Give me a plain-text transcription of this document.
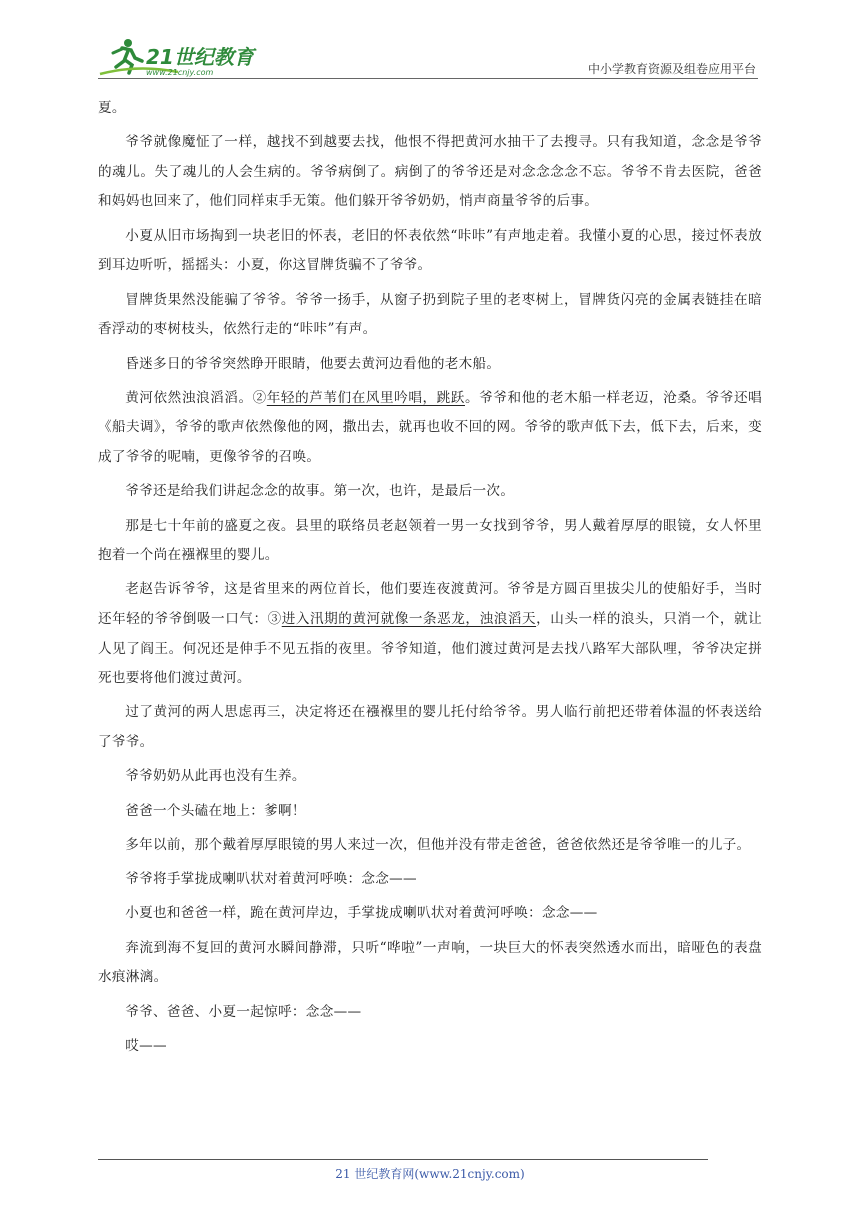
21世纪教育
www.21cnjy.com	中小学教育资源及组卷应用平台

夏。

爷爷就像魔怔了一样，越找不到越要去找，他恨不得把黄河水抽干了去搜寻。只有我知道，念念是爷爷的魂儿。失了魂儿的人会生病的。爷爷病倒了。病倒了的爷爷还是对念念念念不忘。爷爷不肯去医院，爸爸和妈妈也回来了，他们同样束手无策。他们躲开爷爷奶奶，悄声商量爷爷的后事。

小夏从旧市场掏到一块老旧的怀表，老旧的怀表依然“咔咔”有声地走着。我懂小夏的心思，接过怀表放到耳边听听，摇摇头：小夏，你这冒牌货骗不了爷爷。

冒牌货果然没能骗了爷爷。爷爷一扬手，从窗子扔到院子里的老枣树上，冒牌货闪亮的金属表链挂在暗香浮动的枣树枝头，依然行走的“咔咔”有声。

昏迷多日的爷爷突然睁开眼睛，他要去黄河边看他的老木船。

黄河依然浊浪滔滔。②年轻的芦苇们在风里吟唱，跳跃。爷爷和他的老木船一样老迈，沧桑。爷爷还唱《船夫调》，爷爷的歌声依然像他的网，撒出去，就再也收不回的网。爷爷的歌声低下去，低下去，后来，变成了爷爷的呢喃，更像爷爷的召唤。

爷爷还是给我们讲起念念的故事。第一次，也许，是最后一次。

那是七十年前的盛夏之夜。县里的联络员老赵领着一男一女找到爷爷，男人戴着厚厚的眼镜，女人怀里抱着一个尚在襁褓里的婴儿。

老赵告诉爷爷，这是省里来的两位首长，他们要连夜渡黄河。爷爷是方圆百里拔尖儿的使船好手，当时还年轻的爷爷倒吸一口气：③进入汛期的黄河就像一条恶龙，浊浪滔天，山头一样的浪头，只消一个，就让人见了阎王。何况还是伸手不见五指的夜里。爷爷知道，他们渡过黄河是去找八路军大部队哩，爷爷决定拼死也要将他们渡过黄河。

过了黄河的两人思虑再三，决定将还在襁褓里的婴儿托付给爷爷。男人临行前把还带着体温的怀表送给了爷爷。

爷爷奶奶从此再也没有生养。

爸爸一个头磕在地上：爹啊！

多年以前，那个戴着厚厚眼镜的男人来过一次，但他并没有带走爸爸，爸爸依然还是爷爷唯一的儿子。

爷爷将手掌拢成喇叭状对着黄河呼唤：念念——

小夏也和爸爸一样，跪在黄河岸边，手掌拢成喇叭状对着黄河呼唤：念念——

奔流到海不复回的黄河水瞬间静滞，只听“哗啦”一声响，一块巨大的怀表突然透水而出，暗哑色的表盘水痕淋漓。

爷爷、爸爸、小夏一起惊呼：念念——

哎——

21 世纪教育网(www.21cnjy.com)
